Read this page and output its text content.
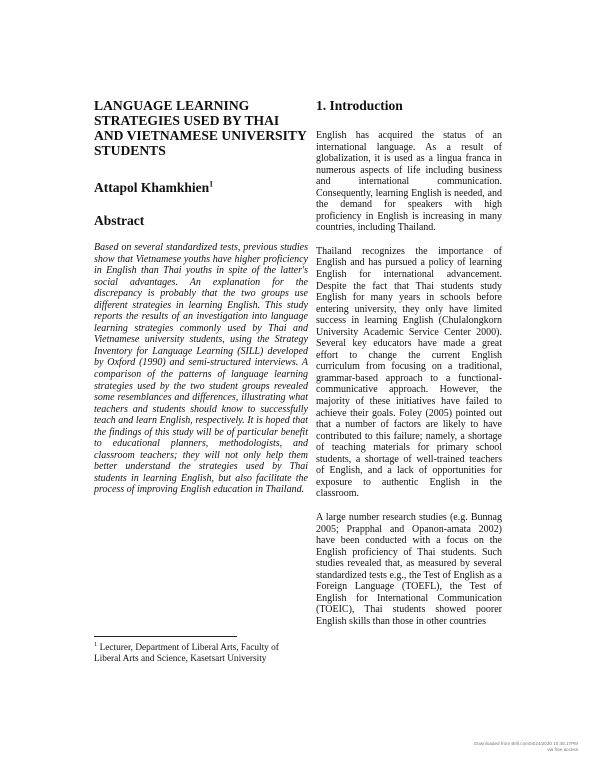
LANGUAGE LEARNING STRATEGIES USED BY THAI AND VIETNAMESE UNIVERSITY STUDENTS

Attapol Khamkhien$^1$

Abstract

Based on several standardized tests, previous studies show that Vietnamese youths have higher proficiency in English than Thai youths in spite of the latter's social advantages. An explanation for the discrepancy is probably that the two groups use different strategies in learning English. This study reports the results of an investigation into language learning strategies commonly used by Thai and Vietnamese university students, using the Strategy Inventory for Language Learning (SILL) developed by Oxford (1990) and semi-structured interviews. A comparison of the patterns of language learning strategies used by the two student groups revealed some resemblances and differences, illustrating what teachers and students should know to successfully teach and learn English, respectively. It is hoped that the findings of this study will be of particular benefit to educational planners, methodologists, and classroom teachers; they will not only help them better understand the strategies used by Thai students in learning English, but also facilitate the process of improving English education in Thailand.

1. Introduction

English has acquired the status of an international language. As a result of globalization, it is used as a lingua franca in numerous aspects of life including business and international communication. Consequently, learning English is needed, and the demand for speakers with high proficiency in English is increasing in many countries, including Thailand.

Thailand recognizes the importance of English and has pursued a policy of learning English for international advancement. Despite the fact that Thai students study English for many years in schools before entering university, they only have limited success in learning English (Chulalongkorn University Academic Service Center 2000). Several key educators have made a great effort to change the current English curriculum from focusing on a traditional, grammar-based approach to a functional-communicative approach. However, the majority of these initiatives have failed to achieve their goals. Foley (2005) pointed out that a number of factors are likely to have contributed to this failure; namely, a shortage of teaching materials for primary school students, a shortage of well-trained teachers of English, and a lack of opportunities for exposure to authentic English in the classroom.

A large number research studies (e.g. Bunnag 2005; Prapphal and Opanon-amata 2002) have been conducted with a focus on the English proficiency of Thai students. Such studies revealed that, as measured by several standardized tests e.g., the Test of English as a Foreign Language (TOEFL), the Test of English for International Communication (TOEIC), Thai students showed poorer English skills than those in other countries

$^1$ Lecturer, Department of Liberal Arts, Faculty of Liberal Arts and Science, Kasetsart University

Downloaded from Brill.com04/24/2020 10:45:17PM
via free access
